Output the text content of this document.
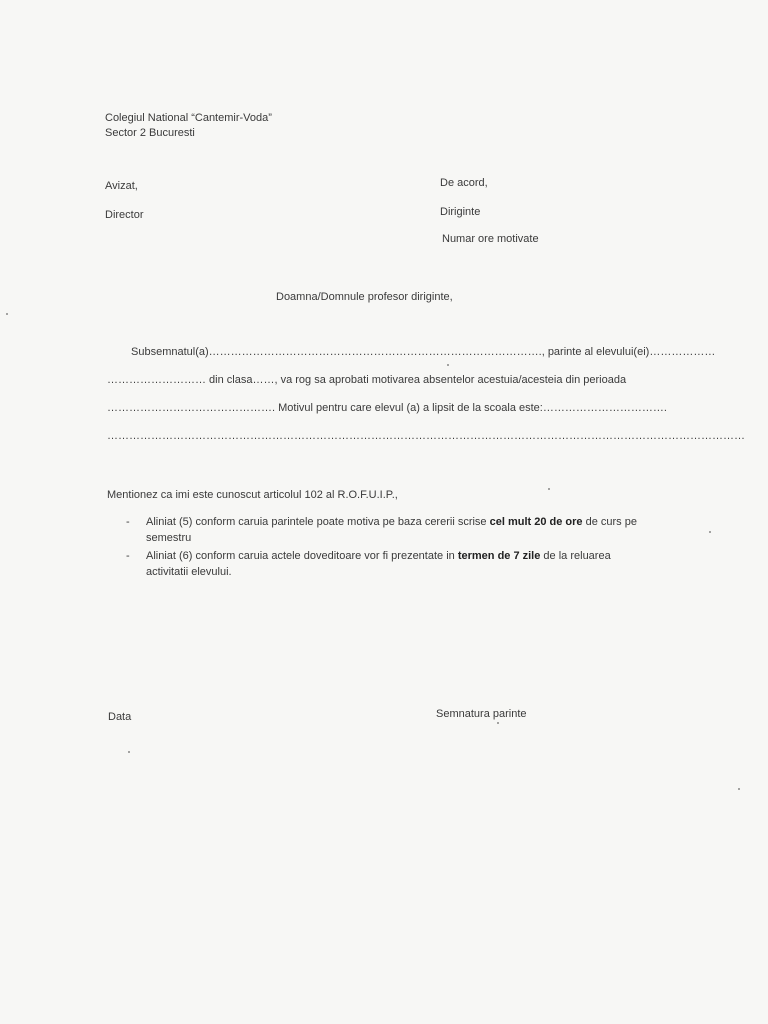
Colegiul National “Cantemir-Voda”
Sector 2 Bucuresti
Avizat,
Director
De acord,
Diriginte
Numar ore motivate
Doamna/Domnule profesor diriginte,
Subsemnatul(a)………………………………………………………………………………., parinte al elevului(ei)………………
……………………… din clasa……, va rog sa aprobati motivarea absentelor acestuia/acesteia din perioada
………………………………………. Motivul pentru care elevul (a) a lipsit de la scoala este:…………………………….
…………………………………………………………………………………………………………………………………………………………
Mentionez ca imi este cunoscut articolul 102 al R.O.F.U.I.P.,
- Aliniat (5) conform caruia parintele poate motiva pe baza cererii scrise cel mult 20 de ore de curs pe semestru
- Aliniat (6) conform caruia actele doveditoare vor fi prezentate in termen de 7 zile de la reluarea activitatii elevului.
Data	Semnatura parinte
